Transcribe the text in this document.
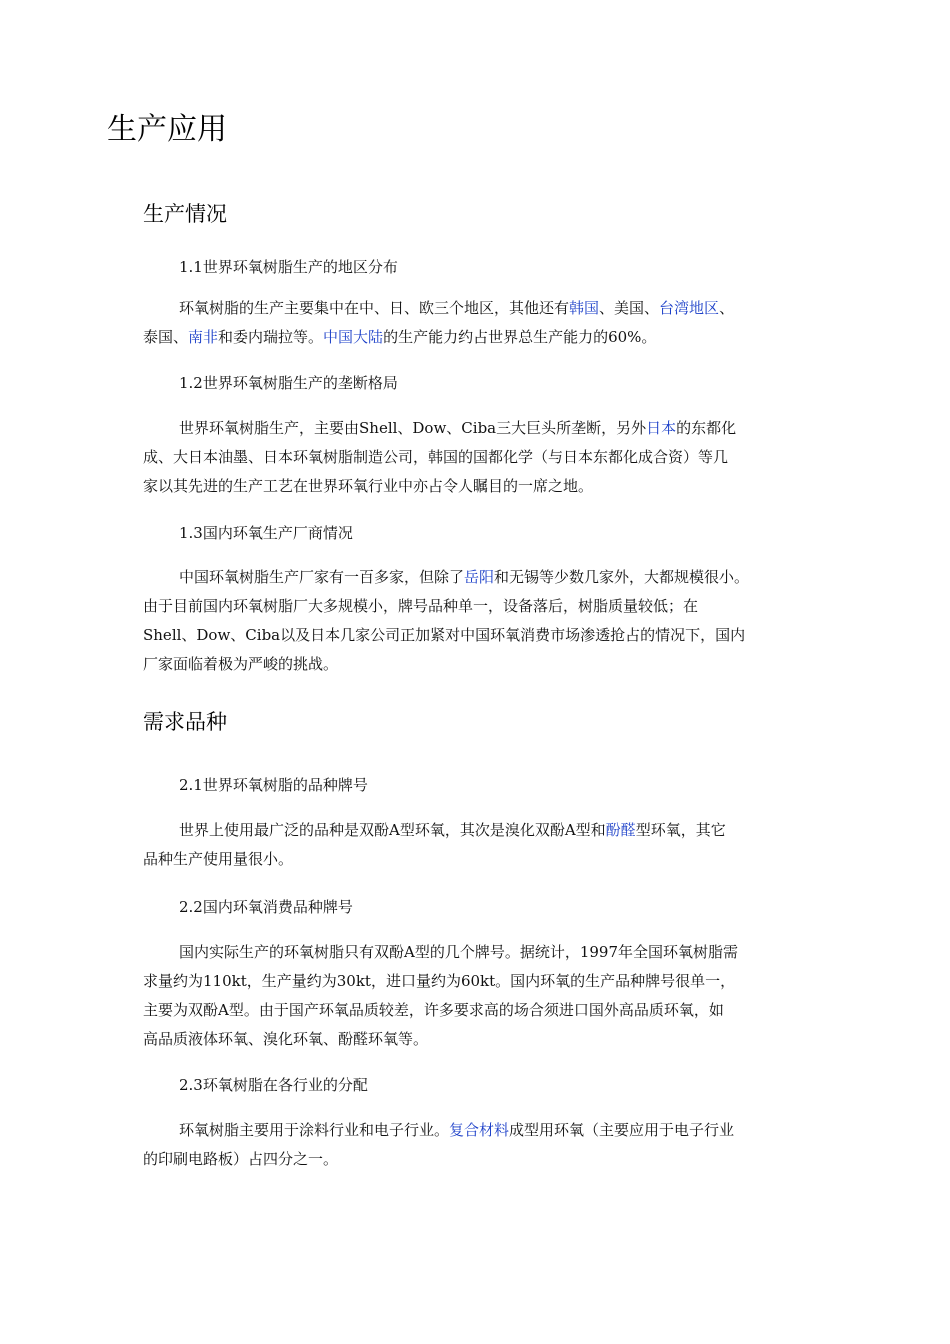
生产应用
生产情况
1.1世界环氧树脂生产的地区分布
环氧树脂的生产主要集中在中、日、欧三个地区，其他还有韩国、美国、台湾地区、
泰国、南非和委内瑞拉等。中国大陆的生产能力约占世界总生产能力的60%。
1.2世界环氧树脂生产的垄断格局
世界环氧树脂生产，主要由Shell、Dow、Ciba三大巨头所垄断，另外日本的东都化
成、大日本油墨、日本环氧树脂制造公司，韩国的国都化学（与日本东都化成合资）等几
家以其先进的生产工艺在世界环氧行业中亦占令人瞩目的一席之地。
1.3国内环氧生产厂商情况
中国环氧树脂生产厂家有一百多家，但除了岳阳和无锡等少数几家外，大都规模很小。
由于目前国内环氧树脂厂大多规模小，牌号品种单一，设备落后，树脂质量较低；在
Shell、Dow、Ciba以及日本几家公司正加紧对中国环氧消费市场渗透抢占的情况下，国内
厂家面临着极为严峻的挑战。
需求品种
2.1世界环氧树脂的品种牌号
世界上使用最广泛的品种是双酚A型环氧，其次是溴化双酚A型和酚醛型环氧，其它
品种生产使用量很小。
2.2国内环氧消费品种牌号
国内实际生产的环氧树脂只有双酚A型的几个牌号。据统计，1997年全国环氧树脂需
求量约为110kt，生产量约为30kt，进口量约为60kt。国内环氧的生产品种牌号很单一，
主要为双酚A型。由于国产环氧品质较差，许多要求高的场合须进口国外高品质环氧，如
高品质液体环氧、溴化环氧、酚醛环氧等。
2.3环氧树脂在各行业的分配
环氧树脂主要用于涂料行业和电子行业。复合材料成型用环氧（主要应用于电子行业
的印刷电路板）占四分之一。
